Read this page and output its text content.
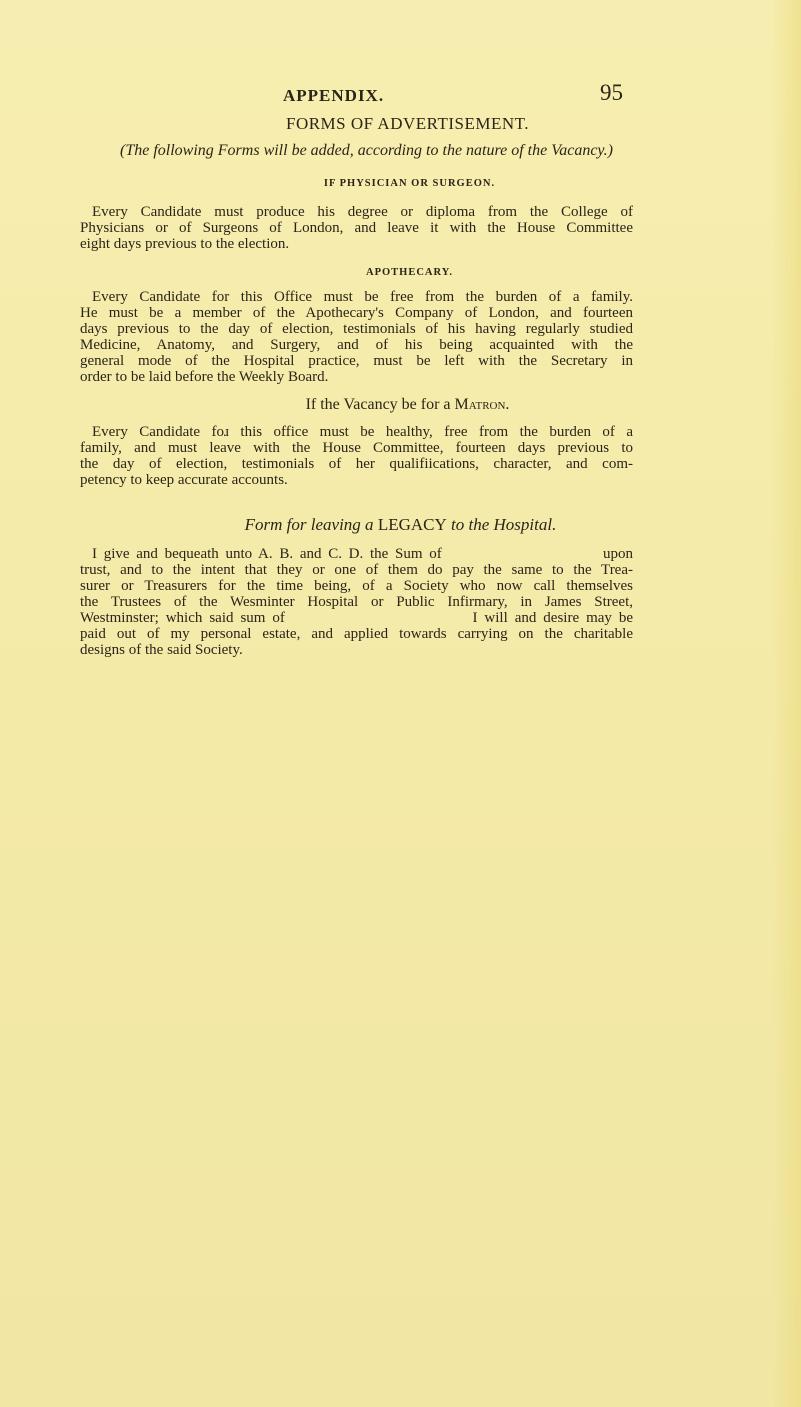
APPENDIX.	95
FORMS OF ADVERTISEMENT.
(The following Forms will be added, according to the nature of the Vacancy.)
IF PHYSICIAN OR SURGEON.
Every Candidate must produce his degree or diploma from the College of
Physicians or of Surgeons of London, and leave it with the House Committee
eight days previous to the election.
APOTHECARY.
Every Candidate for this Office must be free from the burden of a family.
He must be a member of the Apothecary's Company of London, and fourteen
days previous to the day of election, testimonials of his having regularly studied
Medicine, Anatomy, and Surgery, and of his being acquainted with the
general mode of the Hospital practice, must be left with the Secretary in
order to be laid before the Weekly Board.
If the Vacancy be for a Matron.
Every Candidate foɹ this office must be healthy, free from the burden of a
family, and must leave with the House Committee, fourteen days previous to
the day of election, testimonials of her qualifiications, character, and com-
petency to keep accurate accounts.
Form for leaving a LEGACY to the Hospital.
I give and bequeath unto A. B. and C. D. the Sum of                        upon
trust, and to the intent that they or one of them do pay the same to the Trea-
surer or Treasurers for the time being, of a Society who now call themselves
the Trustees of the Wesminter Hospital or Public Infirmary, in James Street,
Westminster; which said sum of                           I will and desire may be
paid out of my personal estate, and applied towards carrying on the charitable
designs of the said Society.
